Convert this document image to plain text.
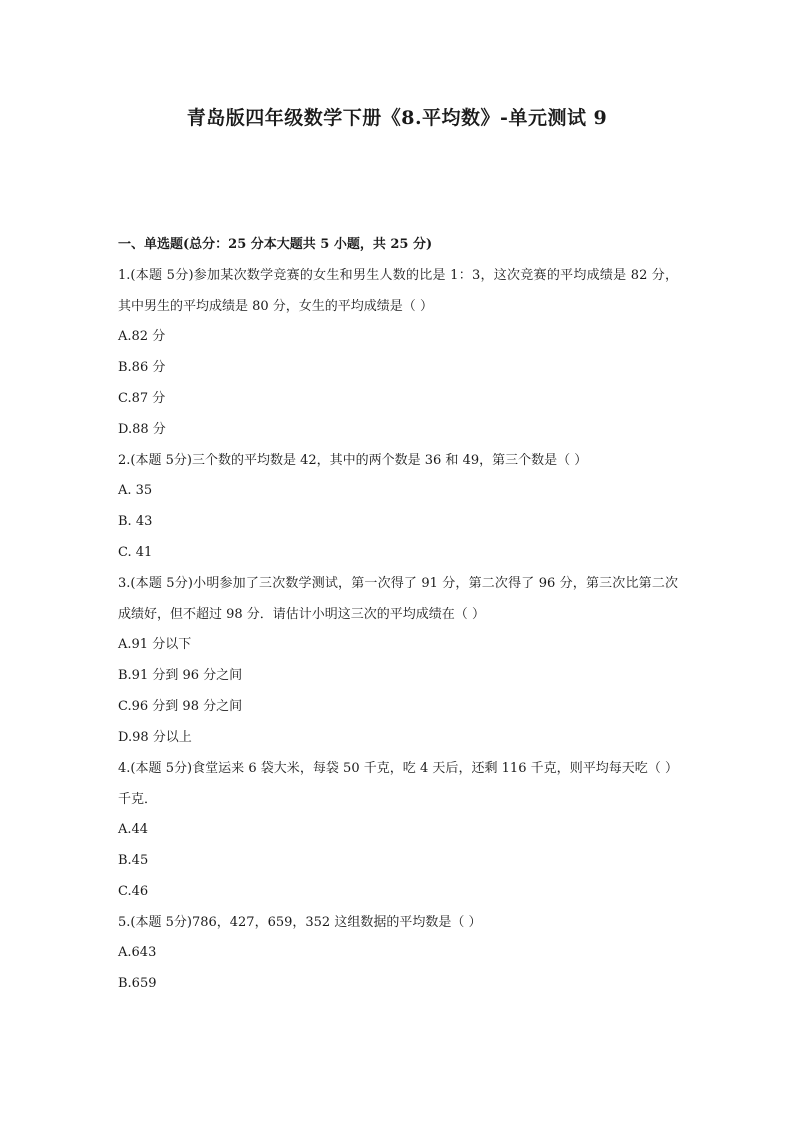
青岛版四年级数学下册《8.平均数》-单元测试 9
一、单选题(总分：25 分本大题共 5 小题，共 25 分)
1.(本题 5分)参加某次数学竞赛的女生和男生人数的比是 1：3，这次竞赛的平均成绩是 82 分，其中男生的平均成绩是 80 分，女生的平均成绩是（ ）
A.82 分
B.86 分
C.87 分
D.88 分
2.(本题 5分)三个数的平均数是 42，其中的两个数是 36 和 49，第三个数是（ ）
A. 35
B. 43
C. 41
3.(本题 5分)小明参加了三次数学测试，第一次得了 91 分，第二次得了 96 分，第三次比第二次成绩好，但不超过 98 分．请估计小明这三次的平均成绩在（ ）
A.91 分以下
B.91 分到 96 分之间
C.96 分到 98 分之间
D.98 分以上
4.(本题 5分)食堂运来 6 袋大米，每袋 50 千克，吃 4 天后，还剩 116 千克，则平均每天吃（ ）千克．
A.44
B.45
C.46
5.(本题 5分)786，427，659，352 这组数据的平均数是（ ）
A.643
B.659
